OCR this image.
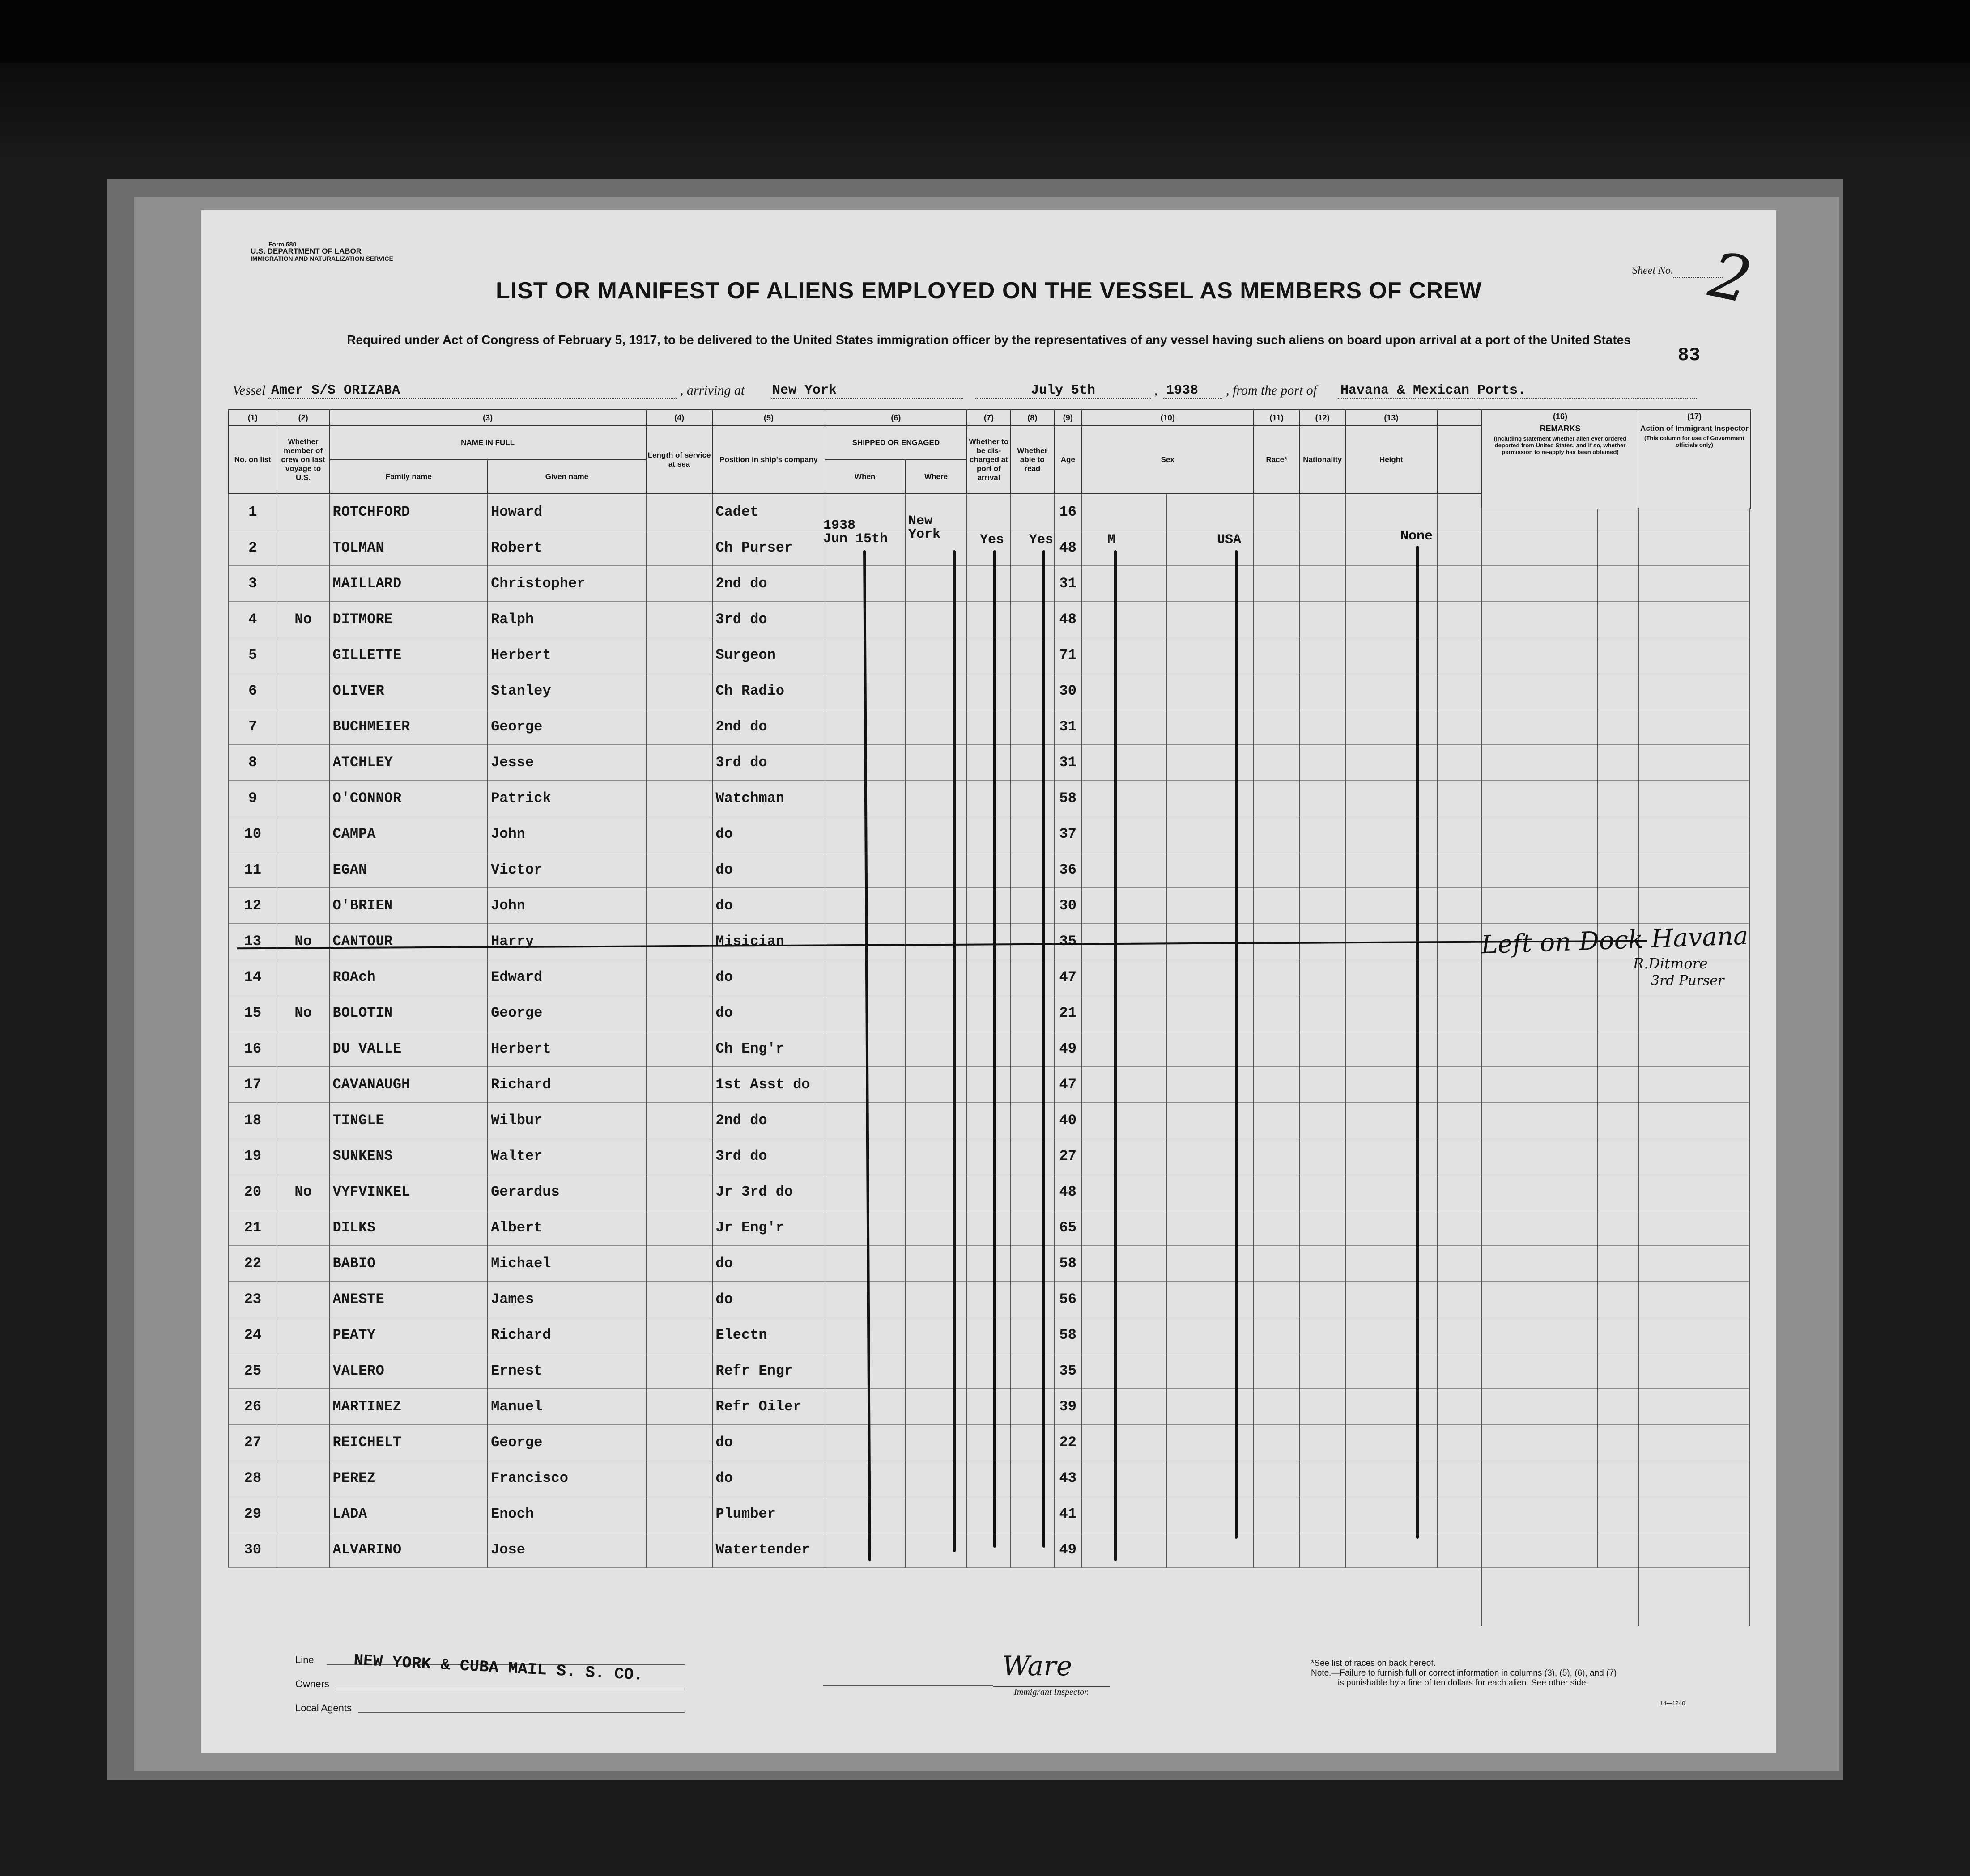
Form 680
U.S. DEPARTMENT OF LABOR
IMMIGRATION AND NATURALIZATION SERVICE
Sheet No. 2
LIST OR MANIFEST OF ALIENS EMPLOYED ON THE VESSEL AS MEMBERS OF CREW
Required under Act of Congress of February 5, 1917, to be delivered to the United States immigration officer by the representatives of any vessel having such aliens on board upon arrival at a port of the United States
83
Vessel Amer S/S ORIZABA	, arriving at New York	July 5th	, 1938	, from the port of Havana & Mexican Ports.
(1)	(2)	(3)		(4)	(5)	(6)		(7)	(8)	(9)	(10)		(11)	(12)	(13)		
No. on list	Whether member of crew on last voyage to U.S.	NAME IN FULL		Length of service at sea	Position in ship's company	SHIPPED OR ENGAGED		Whether to be dis-charged at port of arrival	Whether able to read	Age	Sex		Race*	Nationality	Height		
		Family name	Given name			When	Where										
1		ROTCHFORD	Howard		Cadet					16							
2		TOLMAN	Robert		Ch Purser					48							
3		MAILLARD	Christopher		2nd do					31							
4	No	DITMORE	Ralph		3rd do					48							
5		GILLETTE	Herbert		Surgeon					71							
6		OLIVER	Stanley		Ch Radio					30							
7		BUCHMEIER	George		2nd do					31							
8		ATCHLEY	Jesse		3rd do					31							
9		O'CONNOR	Patrick		Watchman					58							
10		CAMPA	John		do					37							
11		EGAN	Victor		do					36							
12		O'BRIEN	John		do					30							
13	No	CANTOUR	Harry		Misician					35							
14		ROAch	Edward		do					47							
15	No	BOLOTIN	George		do					21							
16		DU VALLE	Herbert		Ch Eng'r					49							
17		CAVANAUGH	Richard		1st Asst do					47							
18		TINGLE	Wilbur		2nd do					40							
19		SUNKENS	Walter		3rd do					27							
20	No	VYFVINKEL	Gerardus		Jr 3rd do					48							
21		DILKS	Albert		Jr Eng'r					65							
22		BABIO	Michael		do					58							
23		ANESTE	James		do					56							
24		PEATY	Richard		Electn					58							
25		VALERO	Ernest		Refr Engr					35							
26		MARTINEZ	Manuel		Refr Oiler					39							
27		REICHELT	George		do					22							
28		PEREZ	Francisco		do					43							
29		LADA	Enoch		Plumber					41							
30		ALVARINO	Jose		Watertender					49							
(16)
REMARKS
(Including statement whether alien ever ordered deported from United States, and if so, whether permission to re-apply has been obtained)
(17)
Action of Immigrant Inspector
(This column for use of Government officials only)
1938
Jun 15th
New
York	Yes Yes	M	USA	None
Left on Dock Havana
R.Ditmore
3rd Purser
Line
Owners
Local Agents
NEW YORK & CUBA MAIL S. S. CO.	Ware
Immigrant Inspector.
*See list of races on back hereof.
Note.—Failure to furnish full or correct information in columns (3), (5), (6), and (7)
is punishable by a fine of ten dollars for each alien. See other side.
14—1240
